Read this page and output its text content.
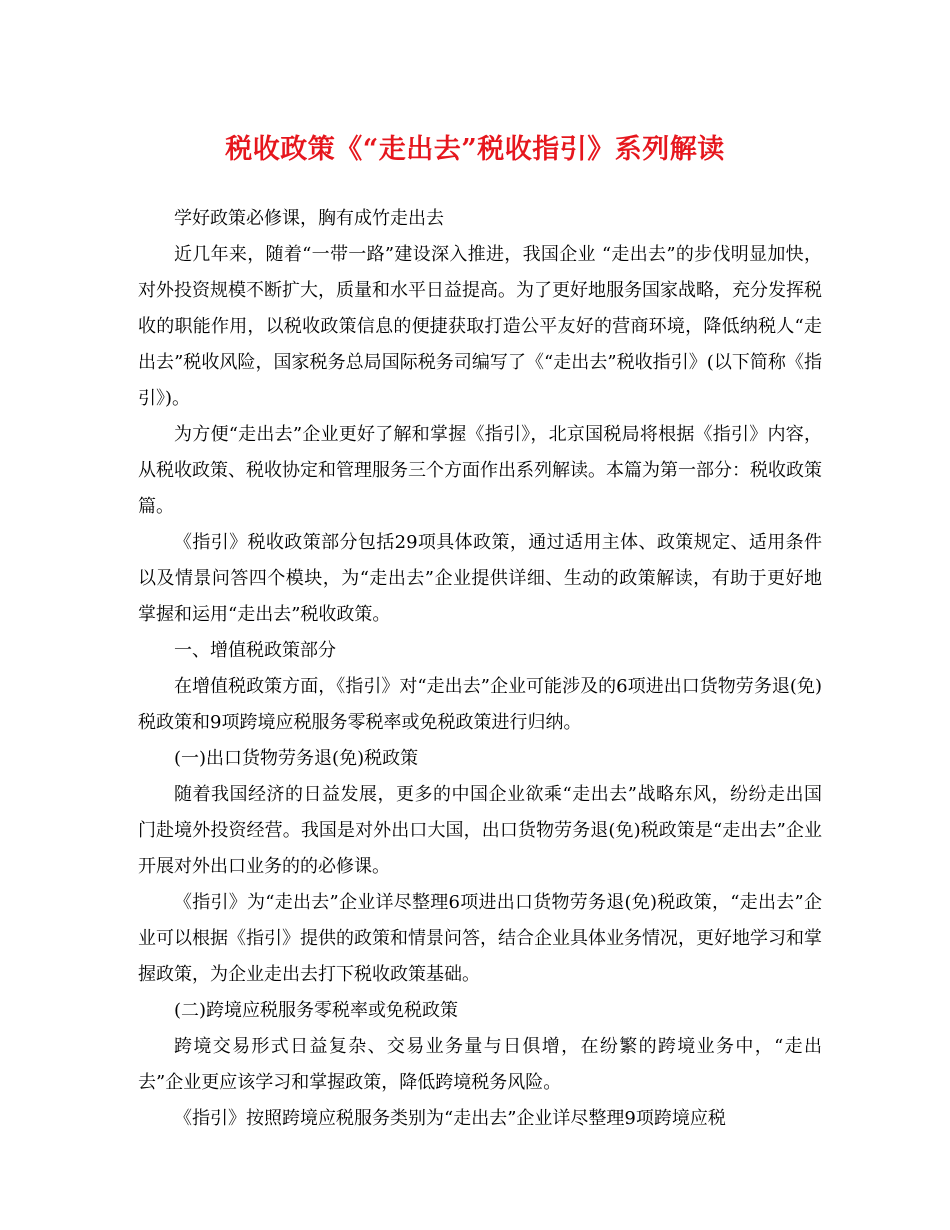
税收政策《“走出去”税收指引》系列解读

学好政策必修课，胸有成竹走出去

近几年来，随着“一带一路”建设深入推进，我国企业 “走出去”的步伐明显加快，对外投资规模不断扩大，质量和水平日益提高。为了更好地服务国家战略，充分发挥税收的职能作用，以税收政策信息的便捷获取打造公平友好的营商环境，降低纳税人“走出去”税收风险，国家税务总局国际税务司编写了《“走出去”税收指引》(以下简称《指引》)。

为方便“走出去”企业更好了解和掌握《指引》，北京国税局将根据《指引》内容，从税收政策、税收协定和管理服务三个方面作出系列解读。本篇为第一部分：税收政策篇。

《指引》税收政策部分包括29项具体政策，通过适用主体、政策规定、适用条件以及情景问答四个模块，为“走出去”企业提供详细、生动的政策解读，有助于更好地掌握和运用“走出去”税收政策。

一、增值税政策部分

在增值税政策方面，《指引》对“走出去”企业可能涉及的6项进出口货物劳务退(免)税政策和9项跨境应税服务零税率或免税政策进行归纳。

(一)出口货物劳务退(免)税政策

随着我国经济的日益发展，更多的中国企业欲乘“走出去”战略东风，纷纷走出国门赴境外投资经营。我国是对外出口大国，出口货物劳务退(免)税政策是“走出去”企业开展对外出口业务的的必修课。

《指引》为“走出去”企业详尽整理6项进出口货物劳务退(免)税政策，“走出去”企业可以根据《指引》提供的政策和情景问答，结合企业具体业务情况，更好地学习和掌握政策，为企业走出去打下税收政策基础。

(二)跨境应税服务零税率或免税政策

跨境交易形式日益复杂、交易业务量与日俱增，在纷繁的跨境业务中，“走出去”企业更应该学习和掌握政策，降低跨境税务风险。

《指引》按照跨境应税服务类别为“走出去”企业详尽整理9项跨境应税
